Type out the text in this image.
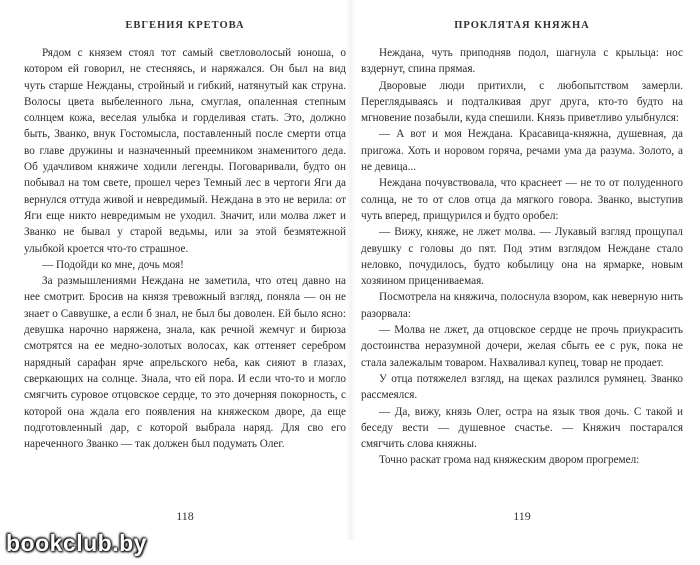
ЕВГЕНИЯ КРЕТОВА

Рядом с князем стоял тот самый светловолосый юноша, о котором ей говорил, не стесняясь, и наряжался. Он был на вид чуть старше Нежданы, стройный и гибкий, натянутый как струна. Волосы цвета выбеленного льна, смуглая, опаленная степным солнцем кожа, веселая улыбка и горделивая стать. Это, должно быть, Званко, внук Гостомысла, поставленный после смерти отца во главе дружины и назначенный преемником знаменитого деда. Об удачливом княжиче ходили легенды. Поговаривали, будто он побывал на том свете, прошел через Темный лес в чертоги Яги да вернулся оттуда живой и невредимый. Неждана в это не верила: от Яги еще никто невредимым не уходил. Значит, или молва лжет и Званко не бывал у старой ведьмы, или за этой безмятежной улыбкой кроется что-то страшное.

— Подойди ко мне, дочь моя!

За размышлениями Неждана не заметила, что отец давно на нее смотрит. Бросив на князя тревожный взгляд, поняла — он не знает о Саввушке, а если б знал, не был бы доволен. Ей было ясно: девушка нарочно наряжена, знала, как речной жемчуг и бирюза смотрятся на ее медно-золотых волосах, как оттеняет серебром нарядный сарафан ярче апрельского неба, как сияют в глазах, сверкающих на солнце. Знала, что ей пора. И если что-то и могло смягчить суровое отцовское сердце, то это дочерняя покорность, с которой она ждала его появления на княжеском дворе, да еще подготовленный дар, с которой выбрала наряд. Для сво его нареченного Званко — так должен был подумать Олег.

118
ПРОКЛЯТАЯ КНЯЖНА

Неждана, чуть приподняв подол, шагнула с крыльца: нос вздернут, спина прямая.

Дворовые люди притихли, с любопытством замерли. Переглядываясь и подталкивая друг друга, кто-то будто на мгновение позабыли, куда спешили. Князь приветливо улыбнулся:

— А вот и моя Неждана. Красавица-княжна, душевная, да пригожа. Хоть и норовом горяча, речами ума да разума. Золото, а не девица...

Неждана почувствовала, что краснеет — не то от полуденного солнца, не то от слов отца да мягкого говора. Званко, выступив чуть вперед, прищурился и будто оробел:

— Вижу, княже, не лжет молва. — Лукавый взгляд прощупал девушку с головы до пят. Под этим взглядом Неждане стало неловко, почудилось, будто кобылицу она на ярмарке, новым хозяином прицениваемая.

Посмотрела на княжича, полоснула взором, как неверную нить разорвала:

— Молва не лжет, да отцовское сердце не прочь приукрасить достоинства неразумной дочери, желая сбыть ее с рук, пока не стала залежалым товаром. Нахваливал купец, товар не продает.

У отца потяжелел взгляд, на щеках разлился румянец. Званко рассмеялся.

— Да, вижу, князь Олег, остра на язык твоя дочь. С такой и беседу вести — душевное счастье. — Княжич постарался смягчить слова княжны.

Точно раскат грома над княжеским двором прогремел:

119
bookclub.by
